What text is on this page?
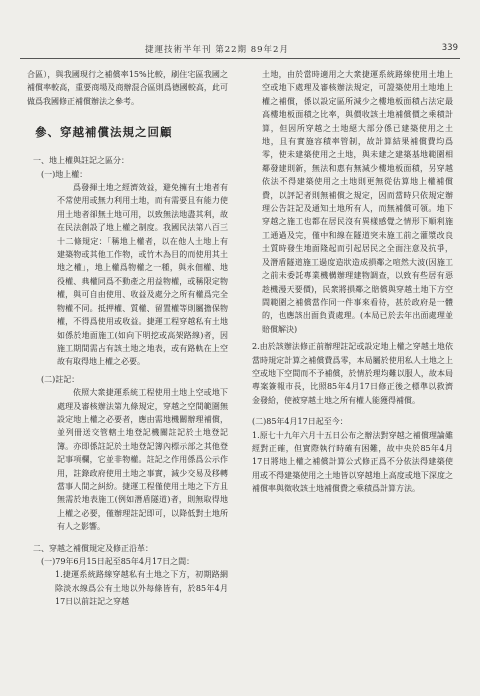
捷運技術半年刊 第22期 89年2月	339

合區），與我國現行之補償率15%比較，刷住宅區我國之補償率較高，重要商場及商辦混合區則爲德國較高，此可做爲我國修正補償辦法之參考。

參、穿越補償法規之回顧
一、地上權與註記之區分：
(一)地上權：

爲發揮土地之經濟效益，避免擁有土地者有不常使用或無力利用土地，而有需要且有能力使用土地者卻無土地可用，以致無法地盡其利，故在民法創設了地上權之制度。我國民法第八百三十二條規定：「稱地上權者，以在他人土地上有建築物或其他工作物，或竹木為目的而使用其土地之權」，地上權爲物權之一種，與永佃權、地役權、典權同爲不動產之用益物權，或稱限定物權，與可自由使用、收益及處分之所有權爲完全物權不同。抵押權、質權、留置權等則屬擔保物權，不得爲使用或收益。捷運工程穿越私有土地如係於地面施工(如向下明挖或高架路線)者，因施工期間需占有該土地之地表，或有路軌在上空故有取得地上權之必要。

(二)註記：

依照大衆捷運系統工程使用土地上空或地下處理及審核辦法第九條規定，穿越之空間範圍無設定地上權之必要者，應由需地機關辦理補償，並列冊送交管轄土地登記機關註記於土地登記簿。亦即係註記於土地登記簿內標示部之其他登記事項欄，它並非物權。註記之作用係爲公示作用，註錄政府使用土地之事實，減少交易及移轉當事人間之糾紛。捷運工程僅使用土地之下方且無需於地表施工(例如潛盾隧道)者，則無取得地上權之必要，僅辦理註記即可，以降低對土地所有人之影響。

二、穿越之補償規定及修正沿革：
(一)79年6月15日起至85年4月17日之間：

1.捷運系統路線穿越私有土地之下方，初期路網除淡水線爲公有土地以外每條皆有，於85年4月17日以前註記之穿越

土地，由於當時適用之大衆捷運系統路線使用土地上空或地下處理及審核辦法規定，可證築使用土地地上權之補償，係以設定區所減少之樓地板面積占法定最高樓地板面積之比率，與價收該土地補償價之乘積計算，但因所穿越之土地絕大部分係已建築使用之土地，且有實施容積率管制，故計算結果補償費均爲零，使未建築使用之土地，與未建之建築基地範圍相鄰發建則新，無法和惠有無減少樓地板面積，另穿越依法不得建築使用之土地則更無從估算地上權補償費，以評記者則無補償之規定，因而當時只依規定辦理公告註記及通知土地所有人，而無補償可領。地下穿越之施工也都在居民沒有異樣感覺之情形下順利施工通過及完，僅中和線在隧道突未施工前之灌漿改良土質時發生地面隆起而引起居民之全面注意及抗爭，及潛盾隧道施工過度造狀造成損鄰之喧然大波(因施工之前未委託專業機構辦理建物調查，以致有些居有惡趁機漫天要價)，民衆將損鄰之賠償與穿越土地下方空間範圍之補償當作同一件事來看待，甚於政府是一體的，也應該出面負責處理。(本局已於去年出面處理並賠償解決)

2.由於該辦法修正前辦理註記或設定地上權之穿越土地依當時規定計算之補償費爲零，本局屬於使用私人土地之上空或地下空間而不予補償，於情於理均難以服人，故本局專案簽報市長，比照85年4月17日修正後之標準以救濟金發給，使被穿越土地之所有權人能獲得補償。

(二)85年4月17日起至今：

1.原七十九年六月十五日公布之辦法對穿越之補償理論雖經對正確，但實際執行時確有困難，故中央於85年4月17日將地上權之補償計算公式修正爲不分依法得建築使用或不得建築使用之土地皆以穿越地上高度或地下深度之補償率與徵收該土地補償費之乘積爲計算方法。
